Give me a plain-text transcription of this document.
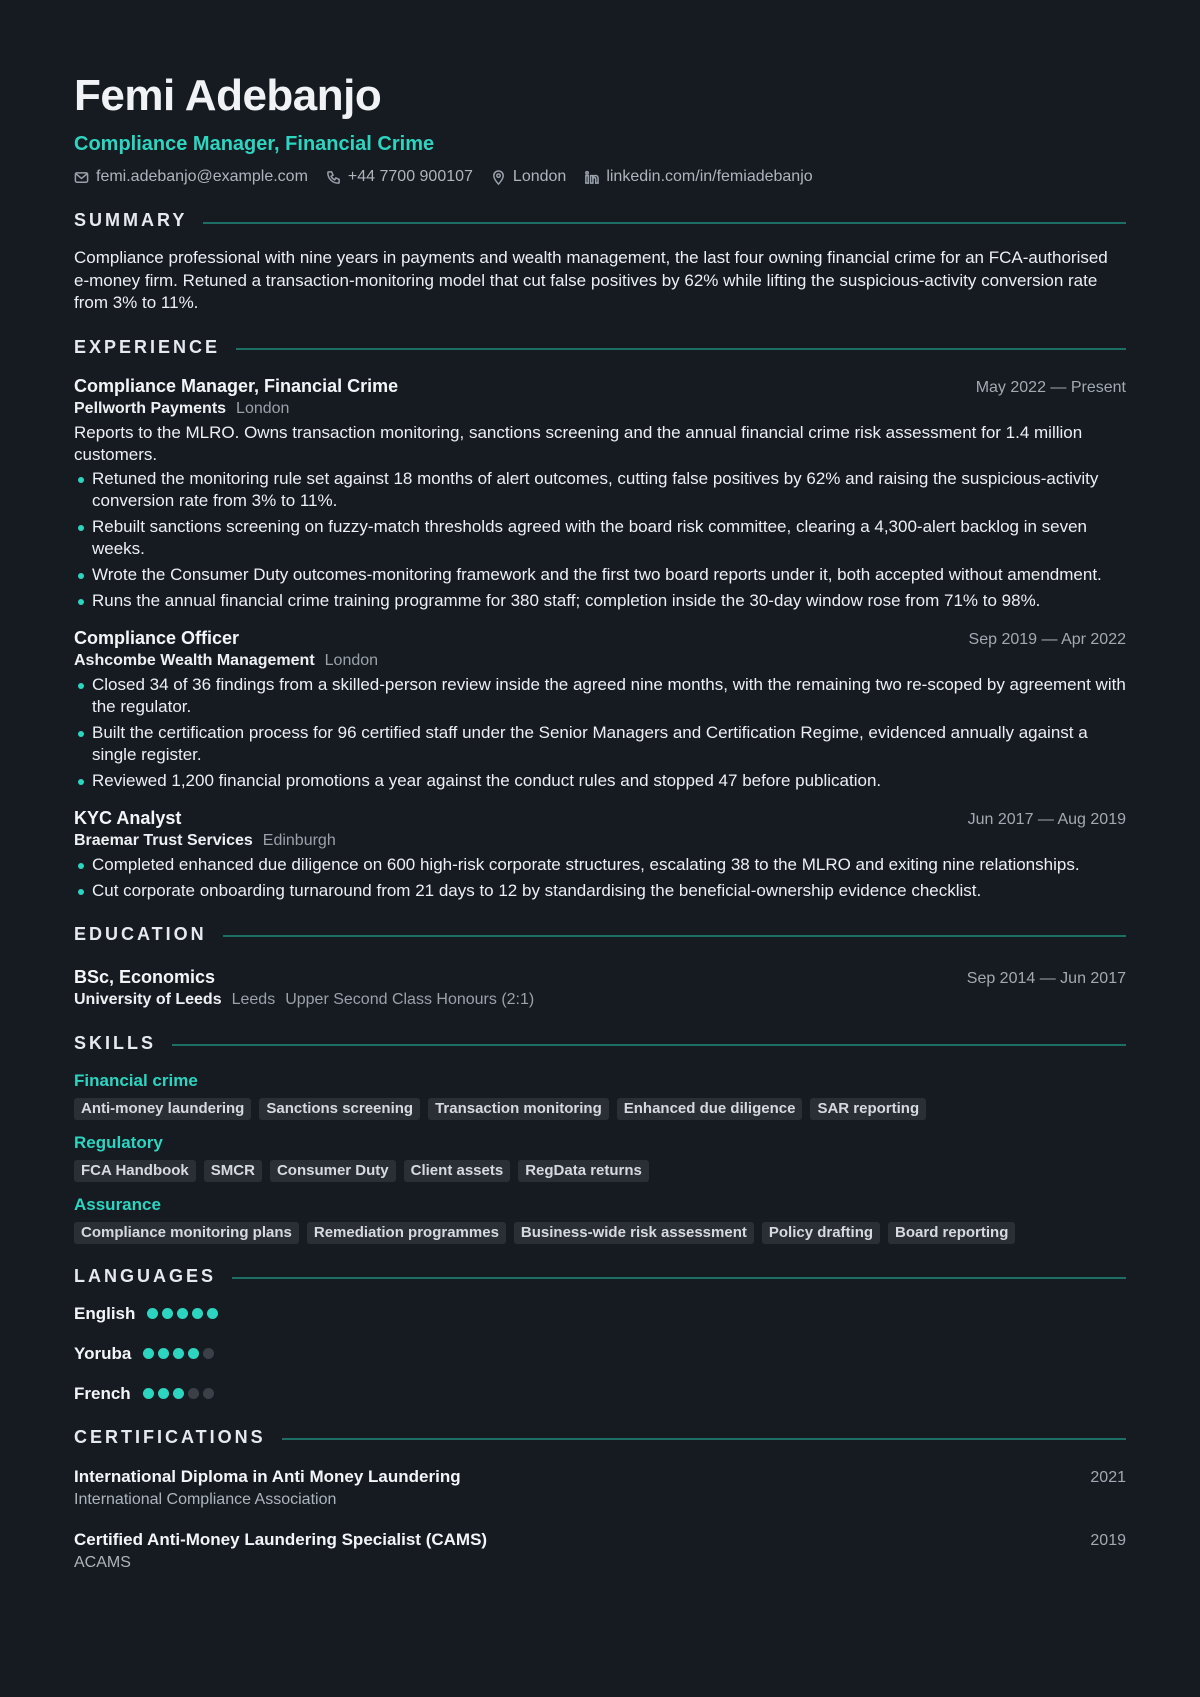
Femi Adebanjo
Compliance Manager, Financial Crime
femi.adebanjo@example.com	+44 7700 900107	London	linkedin.com/in/femiadebanjo
SUMMARY
Compliance professional with nine years in payments and wealth management, the last four owning financial crime for an FCA-authorised e-money firm. Retuned a transaction-monitoring model that cut false positives by 62% while lifting the suspicious-activity conversion rate from 3% to 11%.
EXPERIENCE
Compliance Manager, Financial Crime	May 2022 — Present
Pellworth Payments London
Reports to the MLRO. Owns transaction monitoring, sanctions screening and the annual financial crime risk assessment for 1.4 million customers.
Retuned the monitoring rule set against 18 months of alert outcomes, cutting false positives by 62% and raising the suspicious-activity conversion rate from 3% to 11%.
Rebuilt sanctions screening on fuzzy-match thresholds agreed with the board risk committee, clearing a 4,300-alert backlog in seven weeks.
Wrote the Consumer Duty outcomes-monitoring framework and the first two board reports under it, both accepted without amendment.
Runs the annual financial crime training programme for 380 staff; completion inside the 30-day window rose from 71% to 98%.
Compliance Officer	Sep 2019 — Apr 2022
Ashcombe Wealth Management London
Closed 34 of 36 findings from a skilled-person review inside the agreed nine months, with the remaining two re-scoped by agreement with the regulator.
Built the certification process for 96 certified staff under the Senior Managers and Certification Regime, evidenced annually against a single register.
Reviewed 1,200 financial promotions a year against the conduct rules and stopped 47 before publication.
KYC Analyst	Jun 2017 — Aug 2019
Braemar Trust Services Edinburgh
Completed enhanced due diligence on 600 high-risk corporate structures, escalating 38 to the MLRO and exiting nine relationships.
Cut corporate onboarding turnaround from 21 days to 12 by standardising the beneficial-ownership evidence checklist.
EDUCATION
BSc, Economics	Sep 2014 — Jun 2017
University of Leeds Leeds Upper Second Class Honours (2:1)
SKILLS
Financial crime
Anti-money laundering	Sanctions screening	Transaction monitoring	Enhanced due diligence	SAR reporting
Regulatory
FCA Handbook	SMCR	Consumer Duty	Client assets	RegData returns
Assurance
Compliance monitoring plans	Remediation programmes	Business-wide risk assessment	Policy drafting	Board reporting
LANGUAGES
English
Yoruba
French
CERTIFICATIONS
International Diploma in Anti Money Laundering	2021
International Compliance Association
Certified Anti-Money Laundering Specialist (CAMS)	2019
ACAMS
